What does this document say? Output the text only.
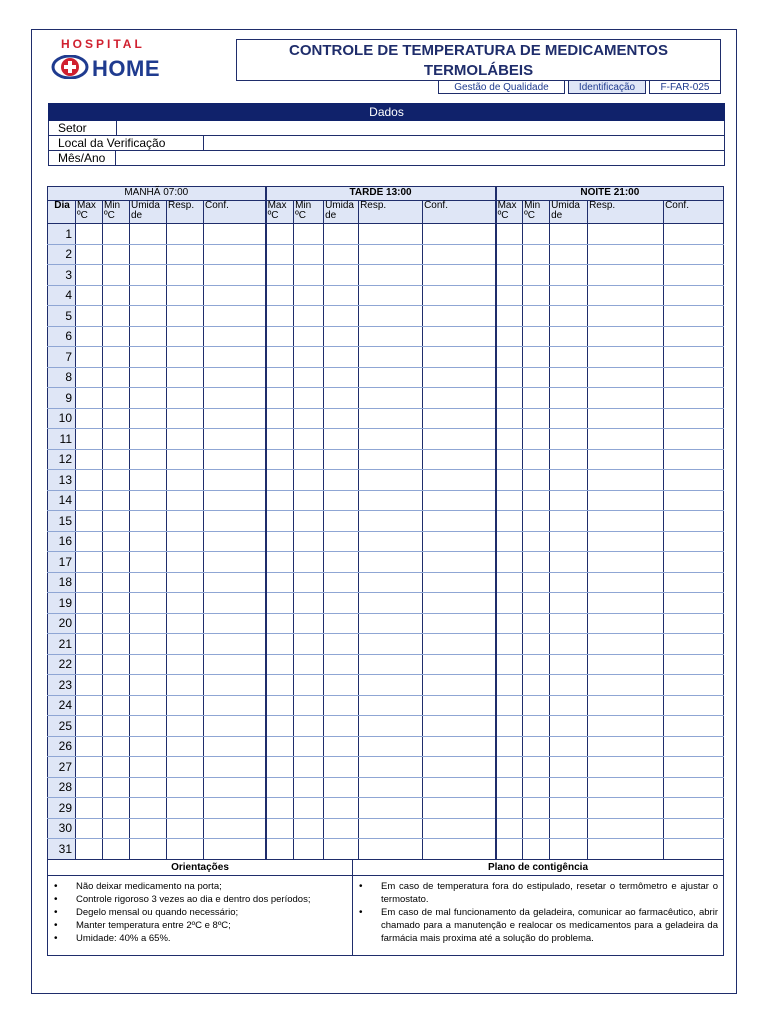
HOSPITAL
HOME
CONTROLE DE TEMPERATURA DE MEDICAMENTOS
TERMOLÁBEIS
Gestão de Qualidade	Identificação	F-FAR-025
Dados
Setor
Local da Verificação
Mês/Ano
MANHÃ 07:00						TARDE 13:00					NOITE 21:00				
Dia	Max ºC	Min ºC	Umida de	Resp.	Conf.	Max ºC	Min ºC	Umida de	Resp.	Conf.	Max ºC	Min ºC	Umida de	Resp.	Conf.
1															
2															
3															
4															
5															
6															
7															
8															
9															
10															
11															
12															
13															
14															
15															
16															
17															
18															
19															
20															
21															
22															
23															
24															
25															
26															
27															
28															
29															
30															
31															
Orientações	Plano de contigência
• Não deixar medicamento na porta;
• Controle rigoroso 3 vezes ao dia e dentro dos períodos;
• Degelo mensal ou quando necessário;
• Manter temperatura entre 2ºC e 8ºC;
• Umidade: 40% a 65%.
• Em caso de temperatura fora do estipulado, resetar o termômetro e ajustar o termostato.
• Em caso de mal funcionamento da geladeira, comunicar ao farmacêutico, abrir chamado para a manutenção e realocar os medicamentos para a geladeira da farmácia mais proxima até a solução do problema.
